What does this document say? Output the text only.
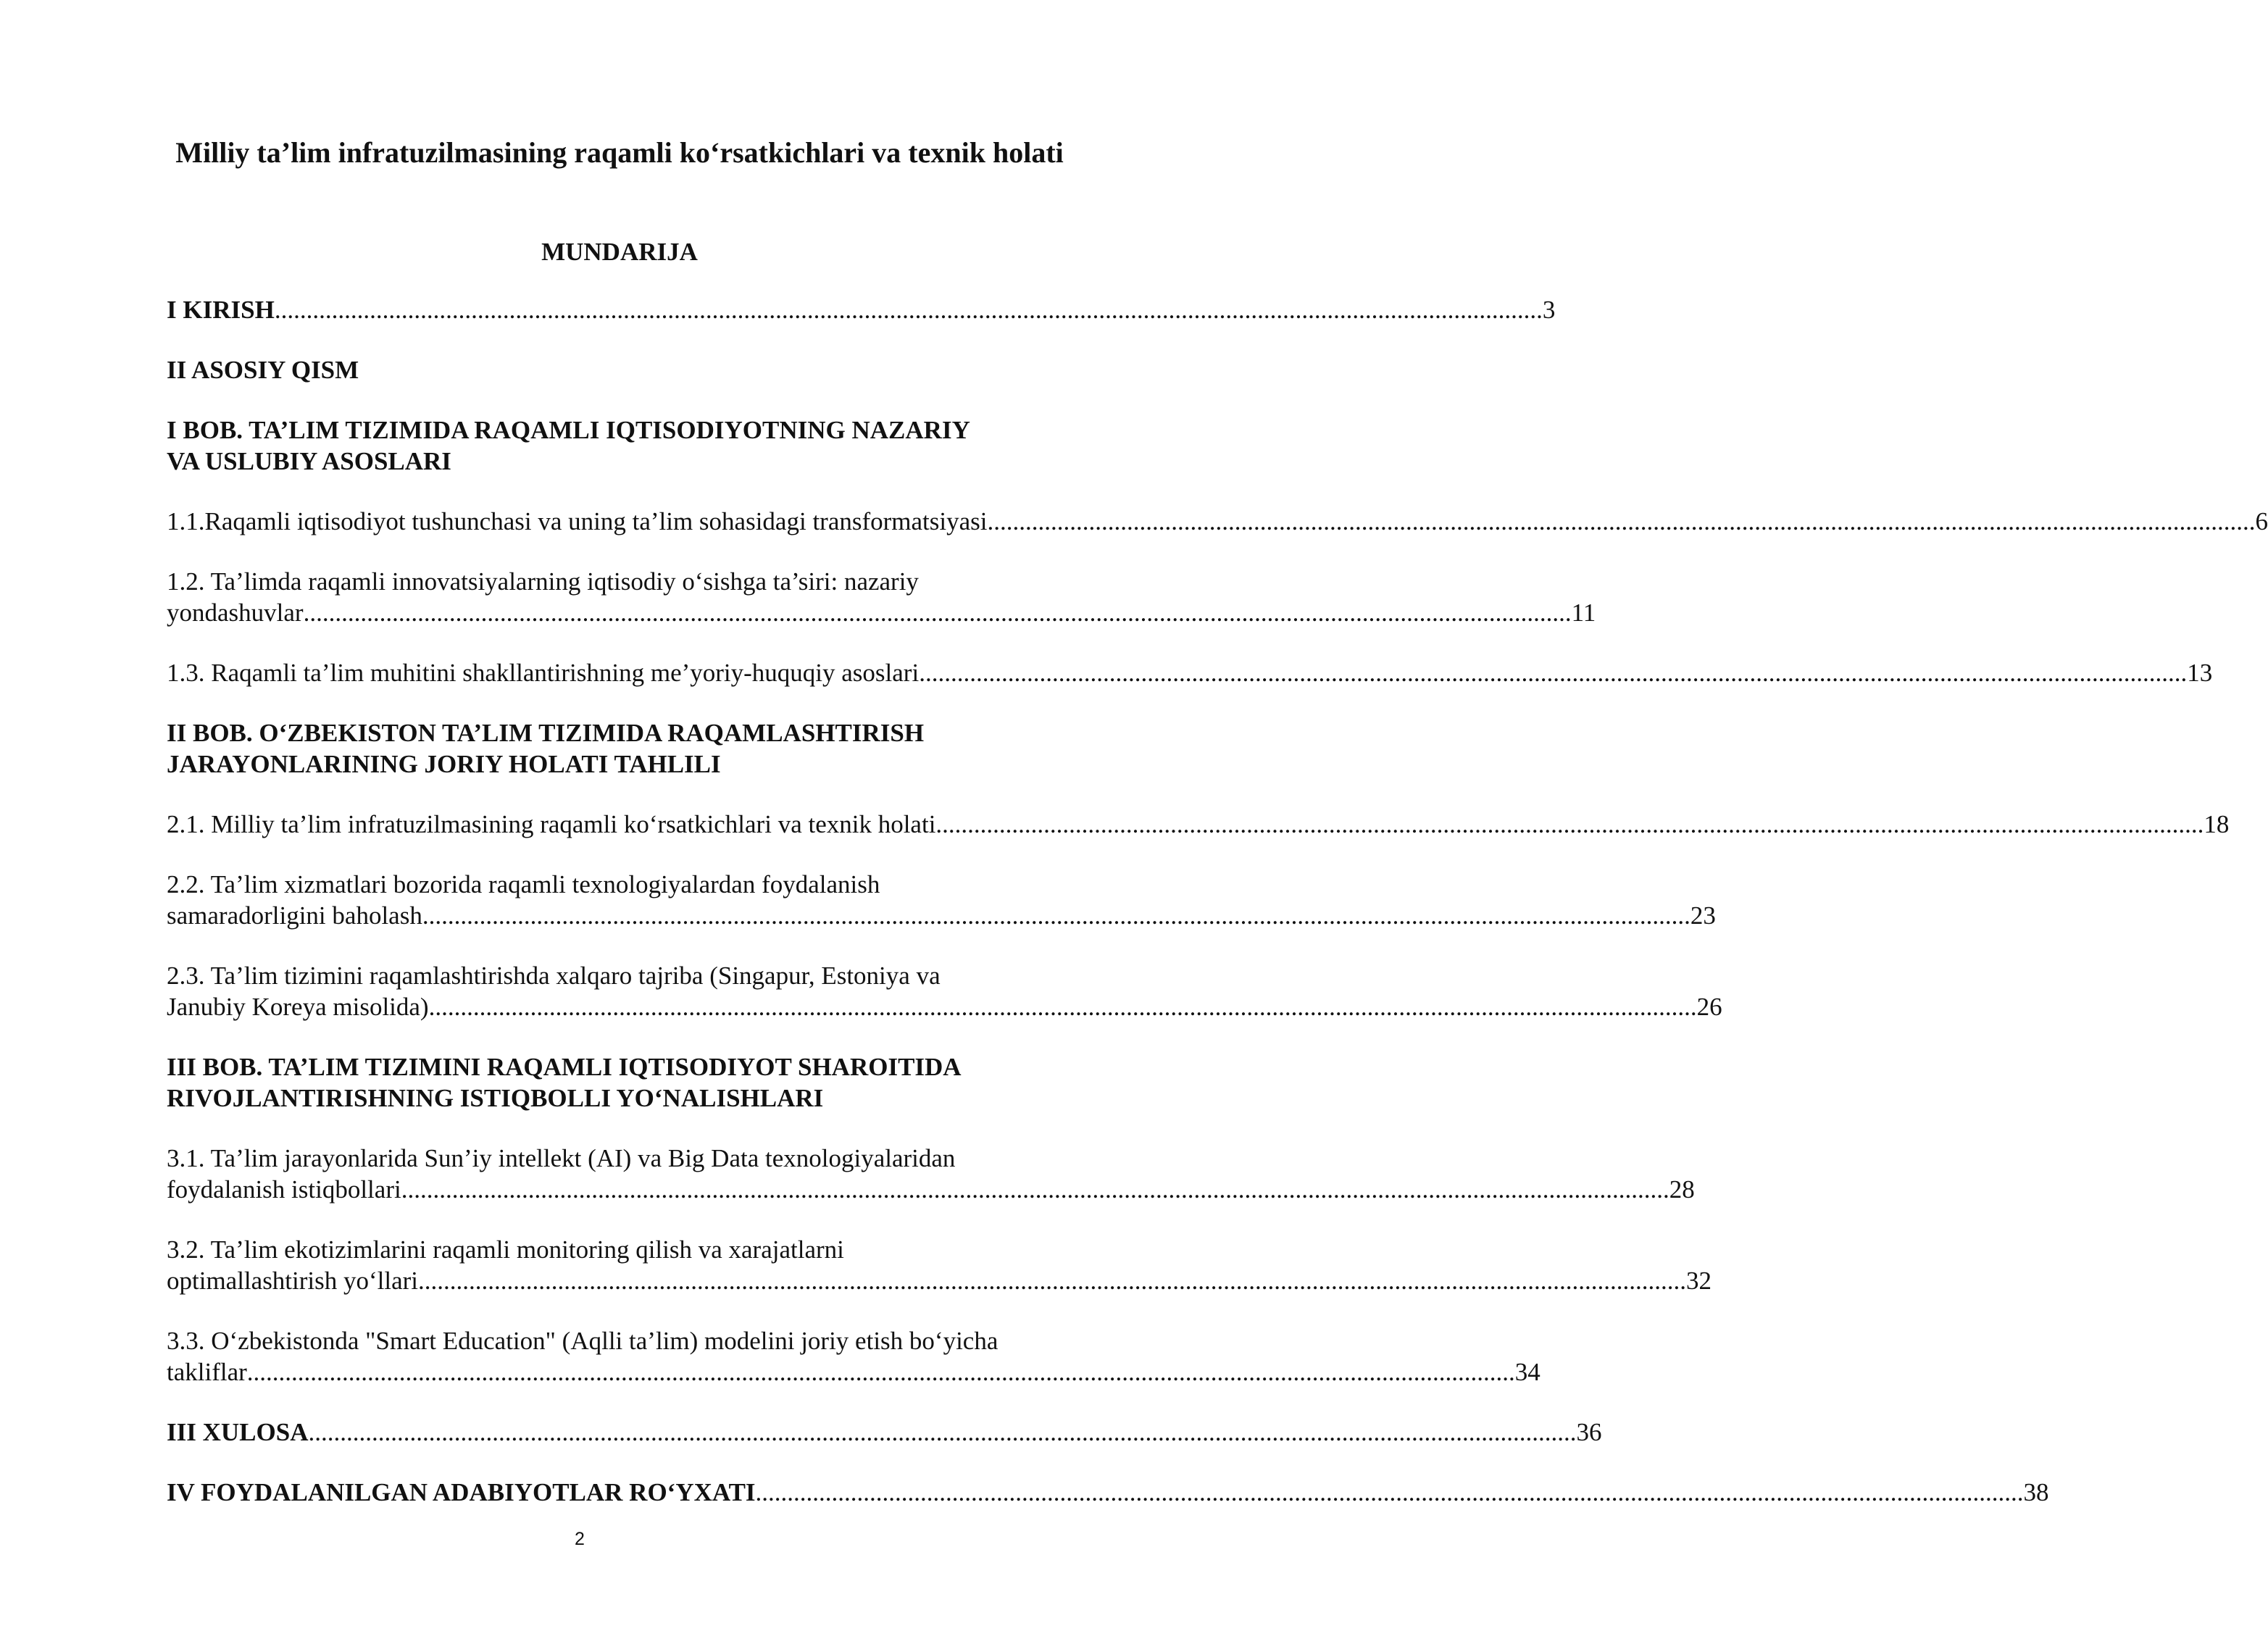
Milliy ta’lim infratuzilmasining raqamli ko‘rsatkichlari va texnik holati
MUNDARIJA
I KIRISH ........................................................................................................................................................................................................ 3
II ASOSIY QISM
I BOB. TA’LIM TIZIMIDA RAQAMLI IQTISODIYOTNING NAZARIY
VA USLUBIY ASOSLARI
1.1.Raqamli iqtisodiyot tushunchasi va uning ta’lim sohasidagi transformatsiyasi ........................................................................................................................................................................................................ 6
1.2. Ta’limda raqamli innovatsiyalarning iqtisodiy o‘sishga ta’siri: nazariy
yondashuvlar ........................................................................................................................................................................................................ 11
1.3. Raqamli ta’lim muhitini shakllantirishning me’yoriy-huquqiy asoslari ........................................................................................................................................................................................................ 13
II BOB. O‘ZBEKISTON TA’LIM TIZIMIDA RAQAMLASHTIRISH
JARAYONLARINING JORIY HOLATI TAHLILI
2.1. Milliy ta’lim infratuzilmasining raqamli ko‘rsatkichlari va texnik holati ........................................................................................................................................................................................................ 18
2.2. Ta’lim xizmatlari bozorida raqamli texnologiyalardan foydalanish
samaradorligini baholash ........................................................................................................................................................................................................ 23
2.3. Ta’lim tizimini raqamlashtirishda xalqaro tajriba (Singapur, Estoniya va
Janubiy Koreya misolida) ........................................................................................................................................................................................................ 26
III BOB. TA’LIM TIZIMINI RAQAMLI IQTISODIYOT SHAROITIDA
RIVOJLANTIRISHNING ISTIQBOLLI YO‘NALISHLARI
3.1. Ta’lim jarayonlarida Sun’iy intellekt (AI) va Big Data texnologiyalaridan
foydalanish istiqbollari ........................................................................................................................................................................................................ 28
3.2. Ta’lim ekotizimlarini raqamli monitoring qilish va xarajatlarni
optimallashtirish yo‘llari ........................................................................................................................................................................................................ 32
3.3. O‘zbekistonda "Smart Education" (Aqlli ta’lim) modelini joriy etish bo‘yicha
takliflar ........................................................................................................................................................................................................ 34
III XULOSA ........................................................................................................................................................................................................ 36
IV FOYDALANILGAN ADABIYOTLAR RO‘YXATI ........................................................................................................................................................................................................ 38
2
